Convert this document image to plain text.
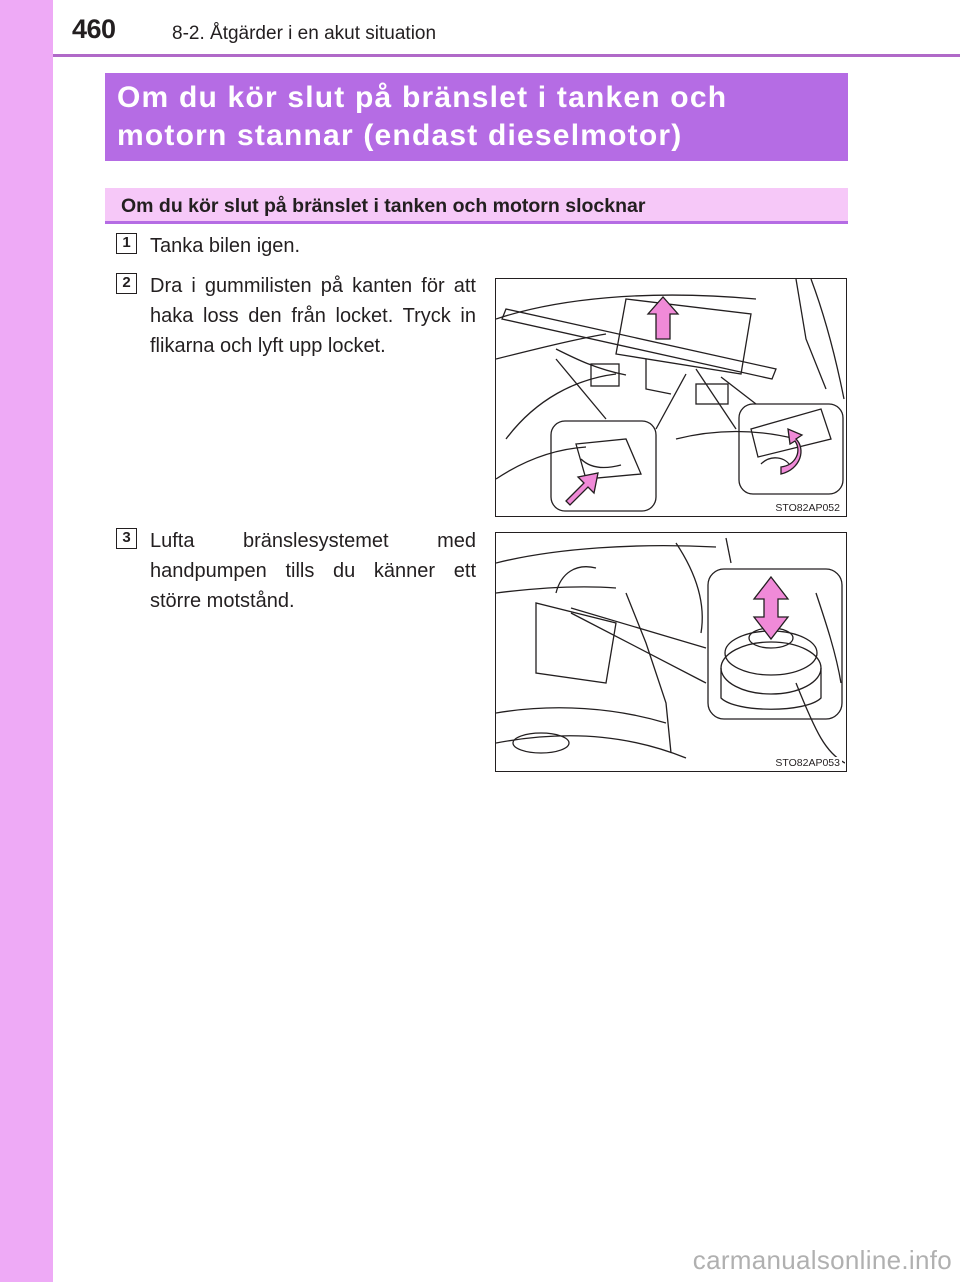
460	8-2. Åtgärder i en akut situation
Om du kör slut på bränslet i tanken och
motorn stannar (endast dieselmotor)
Om du kör slut på bränslet i tanken och motorn slocknar
1 Tanka bilen igen.
2 Dra i gummilisten på kanten för att haka loss den från locket. Tryck in flikarna och lyft upp locket.
STO82AP052
3 Lufta bränslesystemet med handpumpen tills du känner ett större motstånd.
STO82AP053
carmanualsonline.info
